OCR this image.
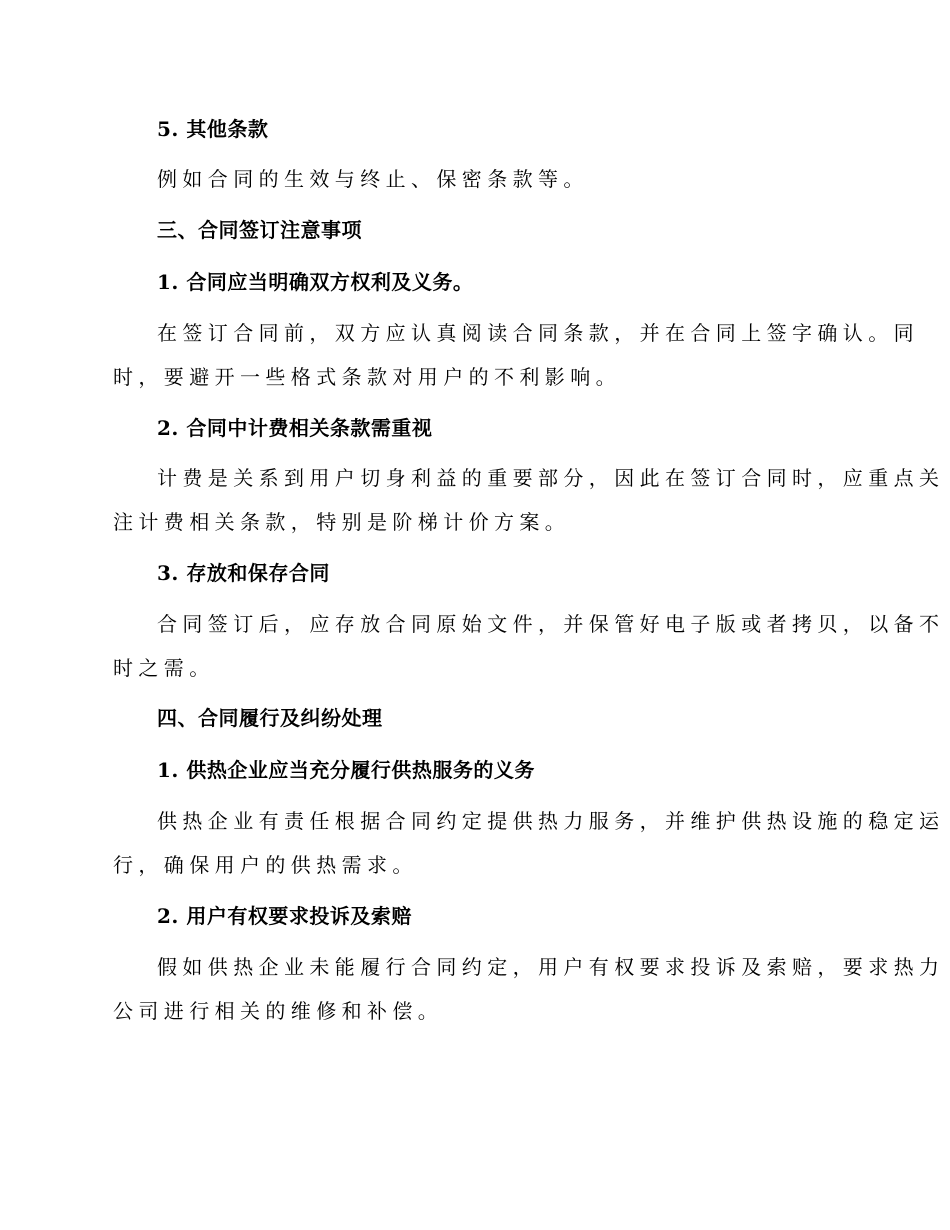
5. 其他条款
例如合同的生效与终止、保密条款等。
三、合同签订注意事项
1. 合同应当明确双方权利及义务。
在签订合同前，双方应认真阅读合同条款，并在合同上签字确认。同
时，要避开一些格式条款对用户的不利影响。
2. 合同中计费相关条款需重视
计费是关系到用户切身利益的重要部分，因此在签订合同时，应重点关
注计费相关条款，特别是阶梯计价方案。
3. 存放和保存合同
合同签订后，应存放合同原始文件，并保管好电子版或者拷贝，以备不
时之需。
四、合同履行及纠纷处理
1. 供热企业应当充分履行供热服务的义务
供热企业有责任根据合同约定提供热力服务，并维护供热设施的稳定运
行，确保用户的供热需求。
2. 用户有权要求投诉及索赔
假如供热企业未能履行合同约定，用户有权要求投诉及索赔，要求热力
公司进行相关的维修和补偿。
